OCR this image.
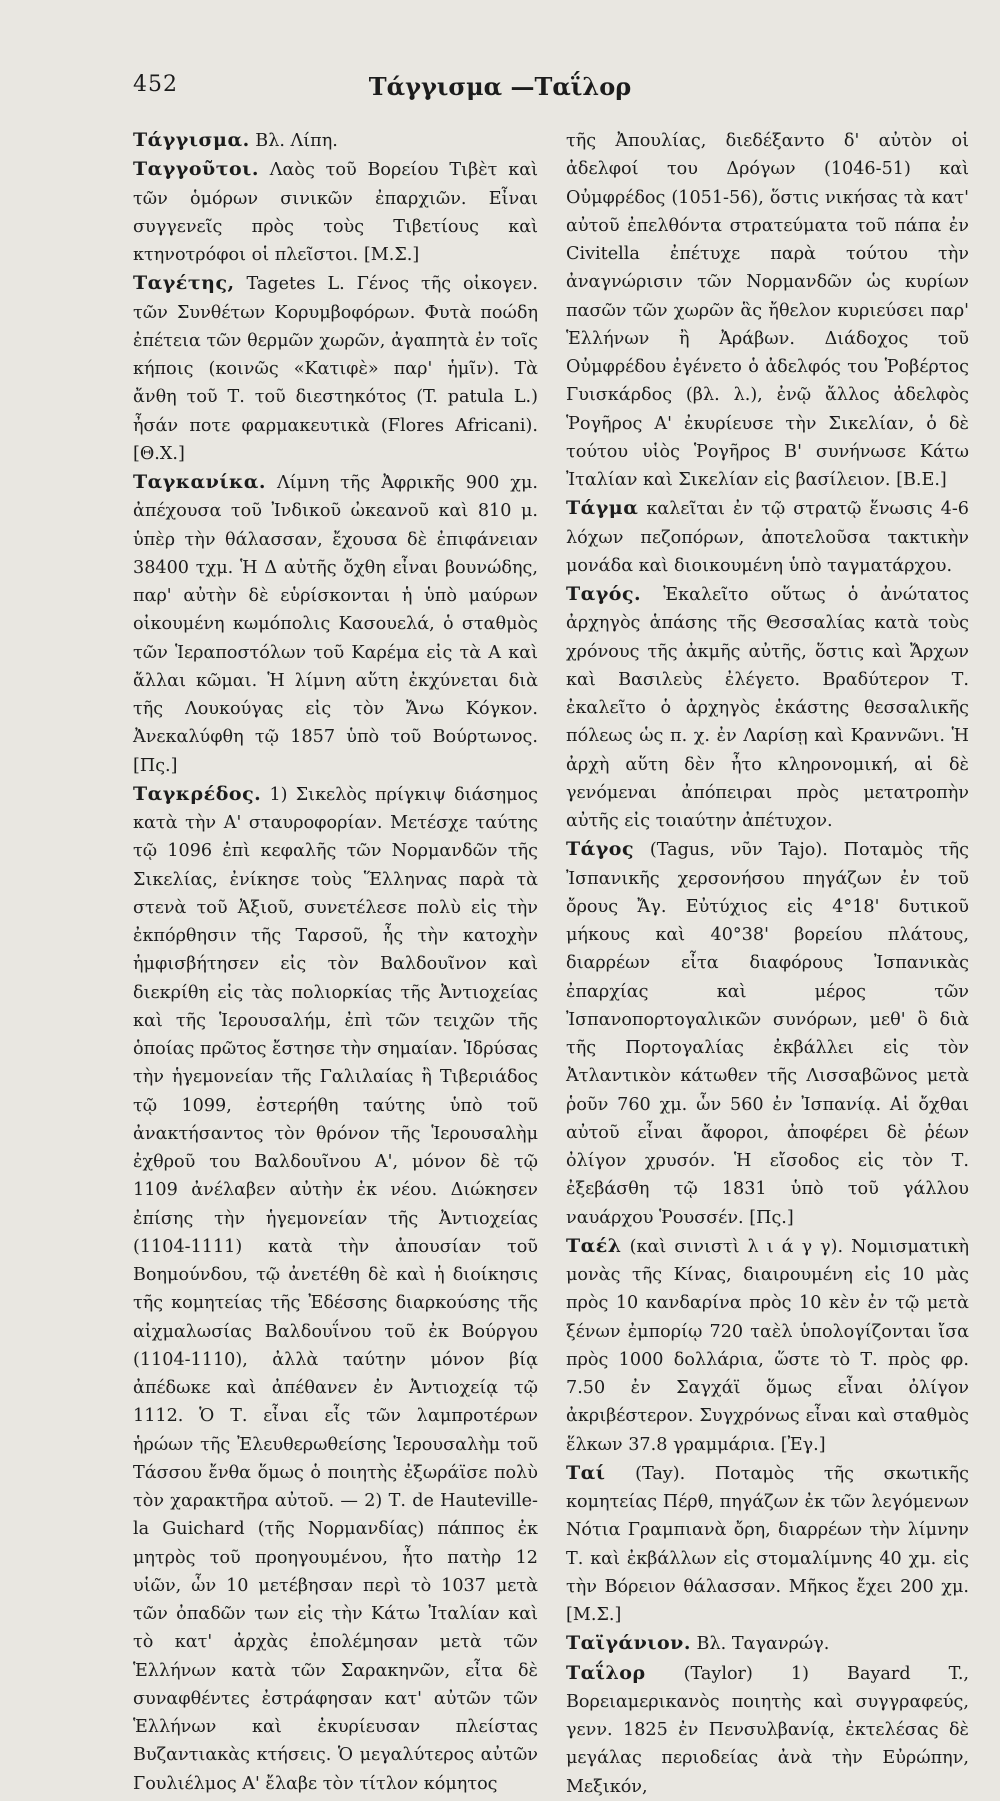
452	Τάγγισμα —Ταΐλορ

Τάγγισμα. Βλ. Λίπη.

Ταγγοῦτοι. Λαὸς τοῦ Βορείου Τιβὲτ καὶ τῶν ὁμόρων σινικῶν ἐπαρχιῶν. Εἶναι συγγενεῖς πρὸς τοὺς Τιβετίους καὶ κτηνοτρόφοι οἱ πλεῖστοι. [Μ.Σ.]

Ταγέτης, Tagetes L. Γένος τῆς οἰκογεν. τῶν Συνθέτων Κορυμβοφόρων. Φυτὰ ποώδη ἐπέτεια τῶν θερμῶν χωρῶν, ἀγαπητὰ ἐν τοῖς κήποις (κοινῶς «Κατιφὲ» παρ' ἡμῖν). Τὰ ἄνθη τοῦ Τ. τοῦ διεστηκότος (T. patula L.) ἦσάν ποτε φαρμακευτικὰ (Flores Africani). [Θ.Χ.]

Ταγκανίκα. Λίμνη τῆς Ἀφρικῆς 900 χμ. ἀπέχουσα τοῦ Ἰνδικοῦ ὠκεανοῦ καὶ 810 μ. ὑπὲρ τὴν θάλασσαν, ἔχουσα δὲ ἐπιφάνειαν 38400 τχμ. Ἡ Δ αὐτῆς ὄχθη εἶναι βουνώδης, παρ' αὐτὴν δὲ εὑρίσκονται ἡ ὑπὸ μαύρων οἰκουμένη κωμόπολις Κασουελά, ὁ σταθμὸς τῶν Ἱεραποστόλων τοῦ Καρέμα εἰς τὰ Α καὶ ἄλλαι κῶμαι. Ἡ λίμνη αὕτη ἐκχύνεται διὰ τῆς Λουκούγας εἰς τὸν Ἄνω Κόγκον. Ἀνεκαλύφθη τῷ 1857 ὑπὸ τοῦ Βούρτωνος. [Πς.]

Ταγκρέδος. 1) Σικελὸς πρίγκιψ διάσημος κατὰ τὴν Α' σταυροφορίαν. Μετέσχε ταύτης τῷ 1096 ἐπὶ κεφαλῆς τῶν Νορμανδῶν τῆς Σικελίας, ἐνίκησε τοὺς Ἕλληνας παρὰ τὰ στενὰ τοῦ Ἀξιοῦ, συνετέλεσε πολὺ εἰς τὴν ἐκπόρθησιν τῆς Ταρσοῦ, ἧς τὴν κατοχὴν ἠμφισβήτησεν εἰς τὸν Βαλδουῖνον καὶ διεκρίθη εἰς τὰς πολιορκίας τῆς Ἀντιοχείας καὶ τῆς Ἱερουσαλήμ, ἐπὶ τῶν τειχῶν τῆς ὁποίας πρῶτος ἔστησε τὴν σημαίαν. Ἱδρύσας τὴν ἡγεμονείαν τῆς Γαλιλαίας ἢ Τιβεριάδος τῷ 1099, ἐστερήθη ταύτης ὑπὸ τοῦ ἀνακτήσαντος τὸν θρόνον τῆς Ἱερουσαλὴμ ἐχθροῦ του Βαλδουῖνου Α', μόνον δὲ τῷ 1109 ἀνέλαβεν αὐτὴν ἐκ νέου. Διώκησεν ἐπίσης τὴν ἡγεμονείαν τῆς Ἀντιοχείας (1104-1111) κατὰ τὴν ἀπουσίαν τοῦ Βοημούνδου, τῷ ἀνετέθη δὲ καὶ ἡ διοίκησις τῆς κομητείας τῆς Ἐδέσσης διαρκούσης τῆς αἰχμαλωσίας Βαλδουΐνου τοῦ ἐκ Βούργου (1104-1110), ἀλλὰ ταύτην μόνον βίᾳ ἀπέδωκε καὶ ἀπέθανεν ἐν Ἀντιοχείᾳ τῷ 1112. Ὁ Τ. εἶναι εἷς τῶν λαμπροτέρων ἡρώων τῆς Ἐλευθερωθείσης Ἱερουσαλὴμ τοῦ Τάσσου ἔνθα ὅμως ὁ ποιητὴς ἐξωράϊσε πολὺ τὸν χαρακτῆρα αὐτοῦ. — 2) Τ. de Hauteville-la Guichard (τῆς Νορμανδίας) πάππος ἐκ μητρὸς τοῦ προηγουμένου, ἦτο πατὴρ 12 υἱῶν, ὧν 10 μετέβησαν περὶ τὸ 1037 μετὰ τῶν ὀπαδῶν των εἰς τὴν Κάτω Ἰταλίαν καὶ τὸ κατ' ἀρχὰς ἐπολέμησαν μετὰ τῶν Ἑλλήνων κατὰ τῶν Σαρακηνῶν, εἶτα δὲ συναφθέντες ἐστράφησαν κατ' αὐτῶν τῶν Ἑλλήνων καὶ ἐκυρίευσαν πλείστας Βυζαντιακὰς κτήσεις. Ὁ μεγαλύτερος αὐτῶν Γουλιέλμος Α' ἔλαβε τὸν τίτλον κόμητος

τῆς Ἀπουλίας, διεδέξαντο δ' αὐτὸν οἱ ἀδελφοί του Δρόγων (1046-51) καὶ Οὐμφρέδος (1051-56), ὅστις νικήσας τὰ κατ' αὐτοῦ ἐπελθόντα στρατεύματα τοῦ πάπα ἐν Civitella ἐπέτυχε παρὰ τούτου τὴν ἀναγνώρισιν τῶν Νορμανδῶν ὡς κυρίων πασῶν τῶν χωρῶν ἃς ἤθελον κυριεύσει παρ' Ἑλλήνων ἢ Ἀράβων. Διάδοχος τοῦ Οὐμφρέδου ἐγένετο ὁ ἀδελφός του Ῥοβέρτος Γυισκάρδος (βλ. λ.), ἐνῷ ἄλλος ἀδελφὸς Ῥογῆρος Α' ἐκυρίευσε τὴν Σικελίαν, ὁ δὲ τούτου υἱὸς Ῥογῆρος Β' συνήνωσε Κάτω Ἰταλίαν καὶ Σικελίαν εἰς βασίλειον. [Β.Ε.]

Τάγμα καλεῖται ἐν τῷ στρατῷ ἕνωσις 4-6 λόχων πεζοπόρων, ἀποτελοῦσα τακτικὴν μονάδα καὶ διοικουμένη ὑπὸ ταγματάρχου.

Ταγός. Ἐκαλεῖτο οὕτως ὁ ἀνώτατος ἀρχηγὸς ἁπάσης τῆς Θεσσαλίας κατὰ τοὺς χρόνους τῆς ἀκμῆς αὐτῆς, ὅστις καὶ Ἄρχων καὶ Βασιλεὺς ἐλέγετο. Βραδύτερον Τ. ἐκαλεῖτο ὁ ἀρχηγὸς ἑκάστης θεσσαλικῆς πόλεως ὡς π. χ. ἐν Λαρίσῃ καὶ Κραννῶνι. Ἡ ἀρχὴ αὕτη δὲν ἦτο κληρονομική, αἱ δὲ γενόμεναι ἀπόπειραι πρὸς μετατροπὴν αὐτῆς εἰς τοιαύτην ἀπέτυχον.

Τάγος (Tagus, νῦν Tajo). Ποταμὸς τῆς Ἰσπανικῆς χερσονήσου πηγάζων ἐν τοῦ ὄρους Ἄγ. Εὐτύχιος εἰς 4°18' δυτικοῦ μήκους καὶ 40°38' βορείου πλάτους, διαρρέων εἶτα διαφόρους Ἰσπανικὰς ἐπαρχίας καὶ μέρος τῶν Ἰσπανοπορτογαλικῶν συνόρων, μεθ' ὃ διὰ τῆς Πορτογαλίας ἐκβάλλει εἰς τὸν Ἀτλαντικὸν κάτωθεν τῆς Λισσαβῶνος μετὰ ῥοῦν 760 χμ. ὧν 560 ἐν Ἰσπανίᾳ. Αἱ ὄχθαι αὐτοῦ εἶναι ἄφοροι, ἀποφέρει δὲ ῥέων ὀλίγον χρυσόν. Ἡ εἴσοδος εἰς τὸν Τ. ἐξεβάσθη τῷ 1831 ὑπὸ τοῦ γάλλου ναυάρχου Ῥουσσέν. [Πς.]

Ταέλ (καὶ σινιστὶ λ ι ά γ γ). Νομισματικὴ μονὰς τῆς Κίνας, διαιρουμένη εἰς 10 μὰς πρὸς 10 κανδαρίνα πρὸς 10 κὲν ἐν τῷ μετὰ ξένων ἐμπορίῳ 720 ταὲλ ὑπολογίζονται ἴσα πρὸς 1000 δολλάρια, ὥστε τὸ Τ. πρὸς φρ. 7.50 ἐν Σαγχάϊ ὅμως εἶναι ὀλίγον ἀκριβέστερον. Συγχρόνως εἶναι καὶ σταθμὸς ἕλκων 37.8 γραμμάρια. [Ἐγ.]

Ταί (Tay). Ποταμὸς τῆς σκωτικῆς κομητείας Πέρθ, πηγάζων ἐκ τῶν λεγόμενων Νότια Γραμπιανὰ ὄρη, διαρρέων τὴν λίμνην Τ. καὶ ἐκβάλλων εἰς στομαλίμνης 40 χμ. εἰς τὴν Βόρειον θάλασσαν. Μῆκος ἔχει 200 χμ. [Μ.Σ.]

Ταϊγάνιον. Βλ. Ταγανρώγ.

Ταΐλορ (Taylor) 1) Bayard T., Βορειαμερικανὸς ποιητὴς καὶ συγγραφεύς, γενν. 1825 ἐν Πενσυλβανίᾳ, ἐκτελέσας δὲ μεγάλας περιοδείας ἀνὰ τὴν Εὐρώπην, Μεξικόν,
